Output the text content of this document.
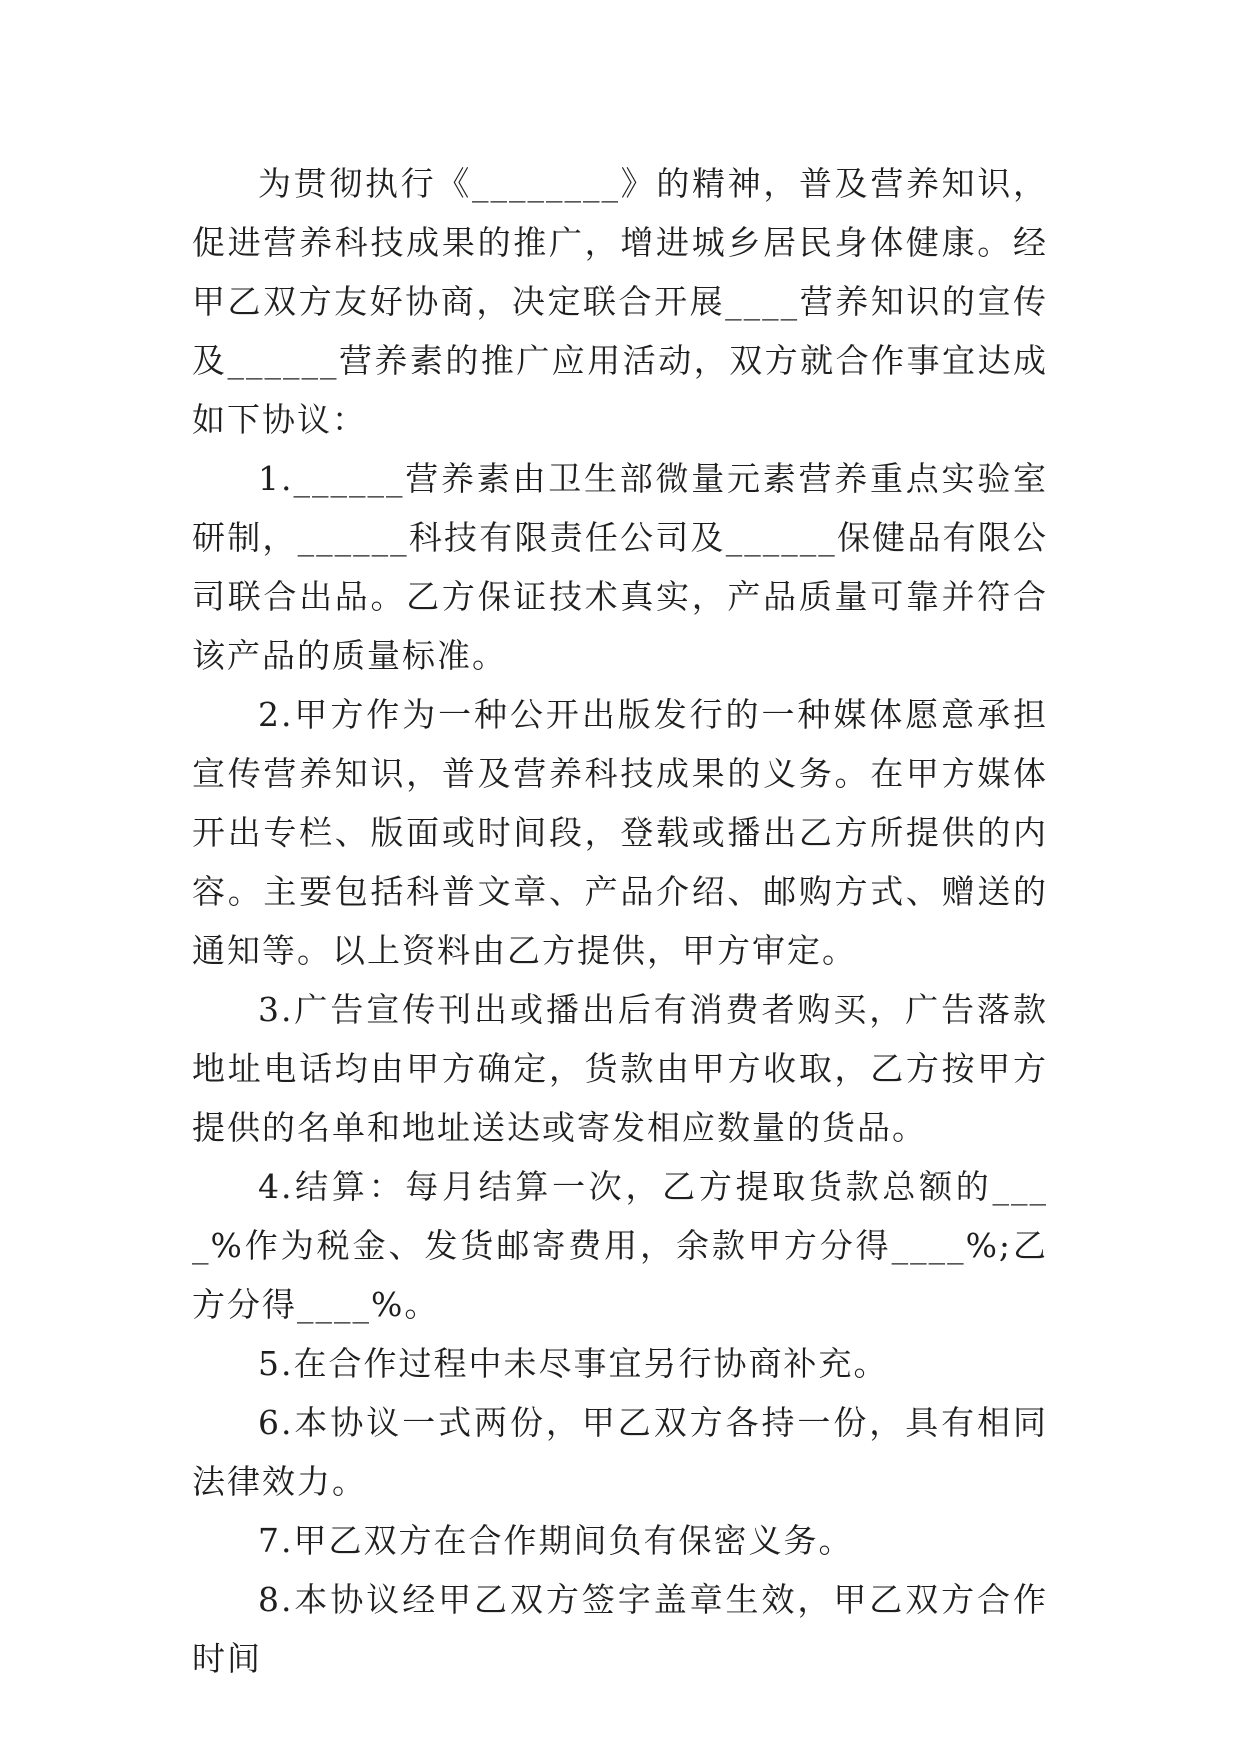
为贯彻执行《________》的精神，普及营养知识，促进营养科技成果的推广，增进城乡居民身体健康。经甲乙双方友好协商，决定联合开展____营养知识的宣传及______营养素的推广应用活动，双方就合作事宜达成如下协议：

1.______营养素由卫生部微量元素营养重点实验室研制，______科技有限责任公司及______保健品有限公司联合出品。乙方保证技术真实，产品质量可靠并符合该产品的质量标准。

2.甲方作为一种公开出版发行的一种媒体愿意承担宣传营养知识，普及营养科技成果的义务。在甲方媒体开出专栏、版面或时间段，登载或播出乙方所提供的内容。主要包括科普文章、产品介绍、邮购方式、赠送的通知等。以上资料由乙方提供，甲方审定。

3.广告宣传刊出或播出后有消费者购买，广告落款地址电话均由甲方确定，货款由甲方收取，乙方按甲方提供的名单和地址送达或寄发相应数量的货品。

4.结算：每月结算一次，乙方提取货款总额的____%作为税金、发货邮寄费用，余款甲方分得____%;乙方分得____%。

5.在合作过程中未尽事宜另行协商补充。

6.本协议一式两份，甲乙双方各持一份，具有相同法律效力。

7.甲乙双方在合作期间负有保密义务。

8.本协议经甲乙双方签字盖章生效，甲乙双方合作时间
